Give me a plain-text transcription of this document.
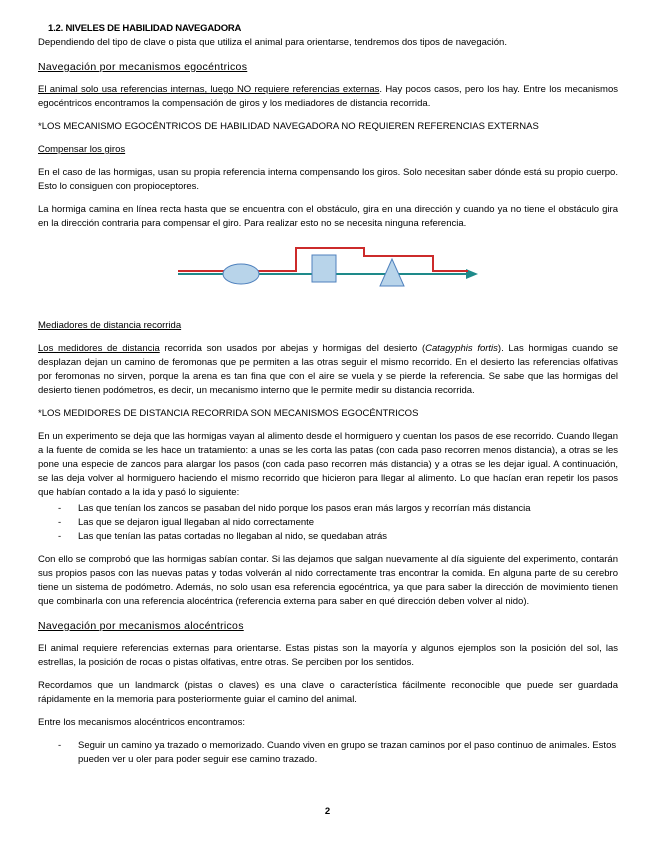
1.2. NIVELES DE HABILIDAD NAVEGADORA

Dependiendo del tipo de clave o pista que utiliza el animal para orientarse, tendremos dos tipos de navegación.

Navegación por mecanismos egocéntricos

El animal solo usa referencias internas, luego NO requiere referencias externas. Hay pocos casos, pero los hay. Entre los mecanismos egocéntricos encontramos la compensación de giros y los mediadores de distancia recorrida.

*LOS MECANISMO EGOCÉNTRICOS DE HABILIDAD NAVEGADORA NO REQUIEREN REFERENCIAS EXTERNAS

Compensar los giros

En el caso de las hormigas, usan su propia referencia interna compensando los giros. Solo necesitan saber dónde está su propio cuerpo. Esto lo consiguen con propioceptores.

La hormiga camina en línea recta hasta que se encuentra con el obstáculo, gira en una dirección y cuando ya no tiene el obstáculo gira en la dirección contraria para compensar el giro. Para realizar esto no se necesita ninguna referencia.

Mediadores de distancia recorrida

Los medidores de distancia recorrida son usados por abejas y hormigas del desierto (Catagyphis fortis). Las hormigas cuando se desplazan dejan un camino de feromonas que pe permiten a las otras seguir el mismo recorrido. En el desierto las referencias olfativas por feromonas no sirven, porque la arena es tan fina que con el aire se vuela y se pierde la referencia. Se sabe que las hormigas del desierto tienen podómetros, es decir, un mecanismo interno que le permite medir su distancia recorrida.

*LOS MEDIDORES DE DISTANCIA RECORRIDA SON MECANISMOS EGOCÉNTRICOS

En un experimento se deja que las hormigas vayan al alimento desde el hormiguero y cuentan los pasos de ese recorrido. Cuando llegan a la fuente de comida se les hace un tratamiento: a unas se les corta las patas (con cada paso recorren menos distancia), a otras se les pone una especie de zancos para alargar los pasos (con cada paso recorren más distancia) y a otras se les dejar igual. A continuación, se las deja volver al hormiguero haciendo el mismo recorrido que hicieron para llegar al alimento. Lo que hacían eran repetir los pasos que habían contado a la ida y pasó lo siguiente:

- Las que tenían los zancos se pasaban del nido porque los pasos eran más largos y recorrían más distancia
- Las que se dejaron igual llegaban al nido correctamente
- Las que tenían las patas cortadas no llegaban al nido, se quedaban atrás

Con ello se comprobó que las hormigas sabían contar. Si las dejamos que salgan nuevamente al día siguiente del experimento, contarán sus propios pasos con las nuevas patas y todas volverán al nido correctamente tras encontrar la comida. En alguna parte de su cerebro tiene un sistema de podómetro. Además, no solo usan esa referencia egocéntrica, ya que para saber la dirección de movimiento tienen que combinarla con una referencia alocéntrica (referencia externa para saber en qué dirección deben volver al nido).

Navegación por mecanismos alocéntricos

El animal requiere referencias externas para orientarse. Estas pistas son la mayoría y algunos ejemplos son la posición del sol, las estrellas, la posición de rocas o pistas olfativas, entre otras. Se perciben por los sentidos.

Recordamos que un landmarck (pistas o claves) es una clave o característica fácilmente reconocible que puede ser guardada rápidamente en la memoria para posteriormente guiar el camino del animal.

Entre los mecanismos alocéntricos encontramos:

- Seguir un camino ya trazado o memorizado. Cuando viven en grupo se trazan caminos por el paso continuo de animales. Estos pueden ver u oler para poder seguir ese camino trazado.
2
